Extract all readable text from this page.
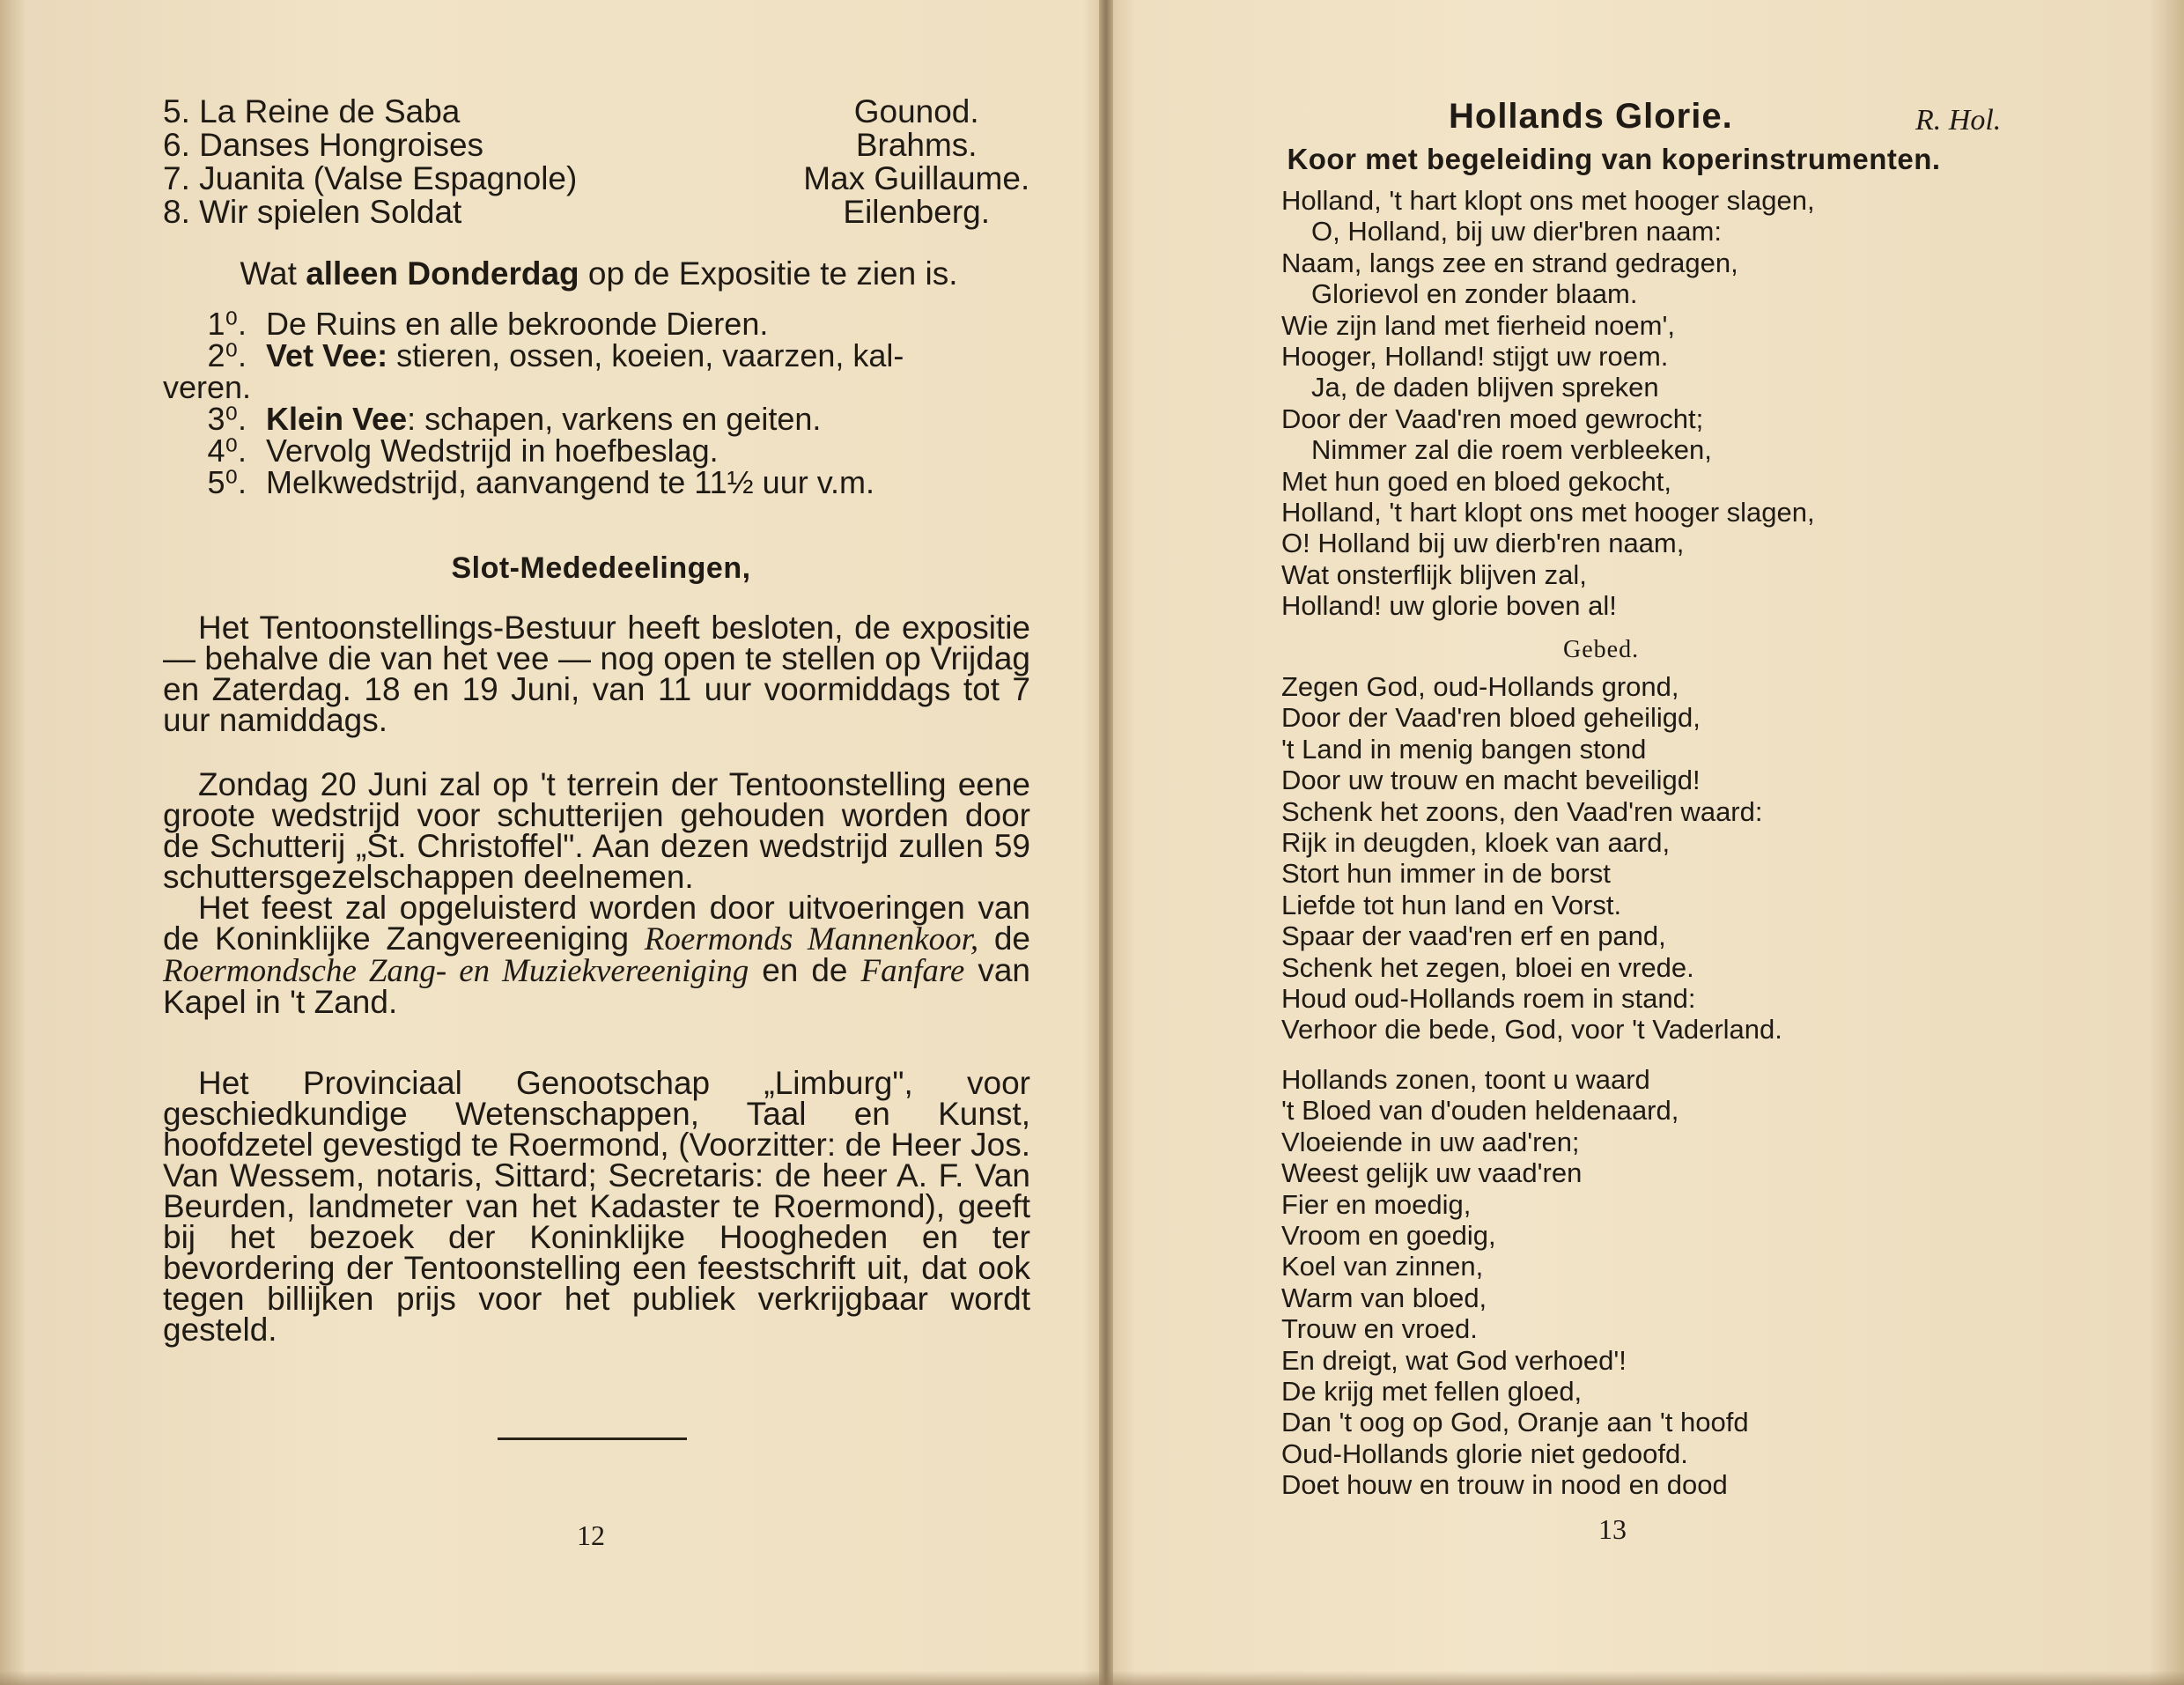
5. La Reine de Saba	Gounod.
6. Danses Hongroises	Brahms.
7. Juanita (Valse Espagnole)	Max Guillaume.
8. Wir spielen Soldat	Eilenberg.
Wat alleen Donderdag op de Expositie te zien is.
1⁰. De Ruins en alle bekroonde Dieren.
2⁰. Vet Vee: stieren, ossen, koeien, vaarzen, kal-
veren.
3⁰. Klein Vee: schapen, varkens en geiten.
4⁰. Vervolg Wedstrijd in hoefbeslag.
5⁰. Melkwedstrijd, aanvangend te 11½ uur v.m.
Slot-Mededeelingen,
Het Tentoonstellings-Bestuur heeft besloten, de expositie — behalve die van het vee — nog open te stellen op Vrijdag en Zaterdag. 18 en 19 Juni, van 11 uur voormiddags tot 7 uur namiddags.
Zondag 20 Juni zal op 't terrein der Tentoonstelling eene groote wedstrijd voor schutterijen gehouden worden door de Schutterij „St. Christoffel". Aan dezen wedstrijd zullen 59 schuttersgezelschappen deelnemen.
Het feest zal opgeluisterd worden door uitvoeringen van de Koninklijke Zangvereeniging Roermonds Mannenkoor, de Roermondsche Zang- en Muziekvereeniging en de Fanfare van Kapel in 't Zand.
Het Provinciaal Genootschap „Limburg", voor geschiedkundige Wetenschappen, Taal en Kunst, hoofdzetel gevestigd te Roermond, (Voorzitter: de Heer Jos. Van Wessem, notaris, Sittard; Secretaris: de heer A. F. Van Beurden, landmeter van het Kadaster te Roermond), geeft bij het bezoek der Koninklijke Hoogheden en ter bevordering der Tentoonstelling een feestschrift uit, dat ook tegen billijken prijs voor het publiek verkrijgbaar wordt gesteld.
12
Hollands Glorie.	R. Hol.
Koor met begeleiding van koperinstrumenten.
Holland, 't hart klopt ons met hooger slagen,
O, Holland, bij uw dier'bren naam:
Naam, langs zee en strand gedragen,
Glorievol en zonder blaam.
Wie zijn land met fierheid noem',
Hooger, Holland! stijgt uw roem.
Ja, de daden blijven spreken
Door der Vaad'ren moed gewrocht;
Nimmer zal die roem verbleeken,
Met hun goed en bloed gekocht,
Holland, 't hart klopt ons met hooger slagen,
O! Holland bij uw dierb'ren naam,
Wat onsterflijk blijven zal,
Holland! uw glorie boven al!
Gebed.
Zegen God, oud-Hollands grond,
Door der Vaad'ren bloed geheiligd,
't Land in menig bangen stond
Door uw trouw en macht beveiligd!
Schenk het zoons, den Vaad'ren waard:
Rijk in deugden, kloek van aard,
Stort hun immer in de borst
Liefde tot hun land en Vorst.
Spaar der vaad'ren erf en pand,
Schenk het zegen, bloei en vrede.
Houd oud-Hollands roem in stand:
Verhoor die bede, God, voor 't Vaderland.
Hollands zonen, toont u waard
't Bloed van d'ouden heldenaard,
Vloeiende in uw aad'ren;
Weest gelijk uw vaad'ren
Fier en moedig,
Vroom en goedig,
Koel van zinnen,
Warm van bloed,
Trouw en vroed.
En dreigt, wat God verhoed'!
De krijg met fellen gloed,
Dan 't oog op God, Oranje aan 't hoofd
Oud-Hollands glorie niet gedoofd.
Doet houw en trouw in nood en dood
13
